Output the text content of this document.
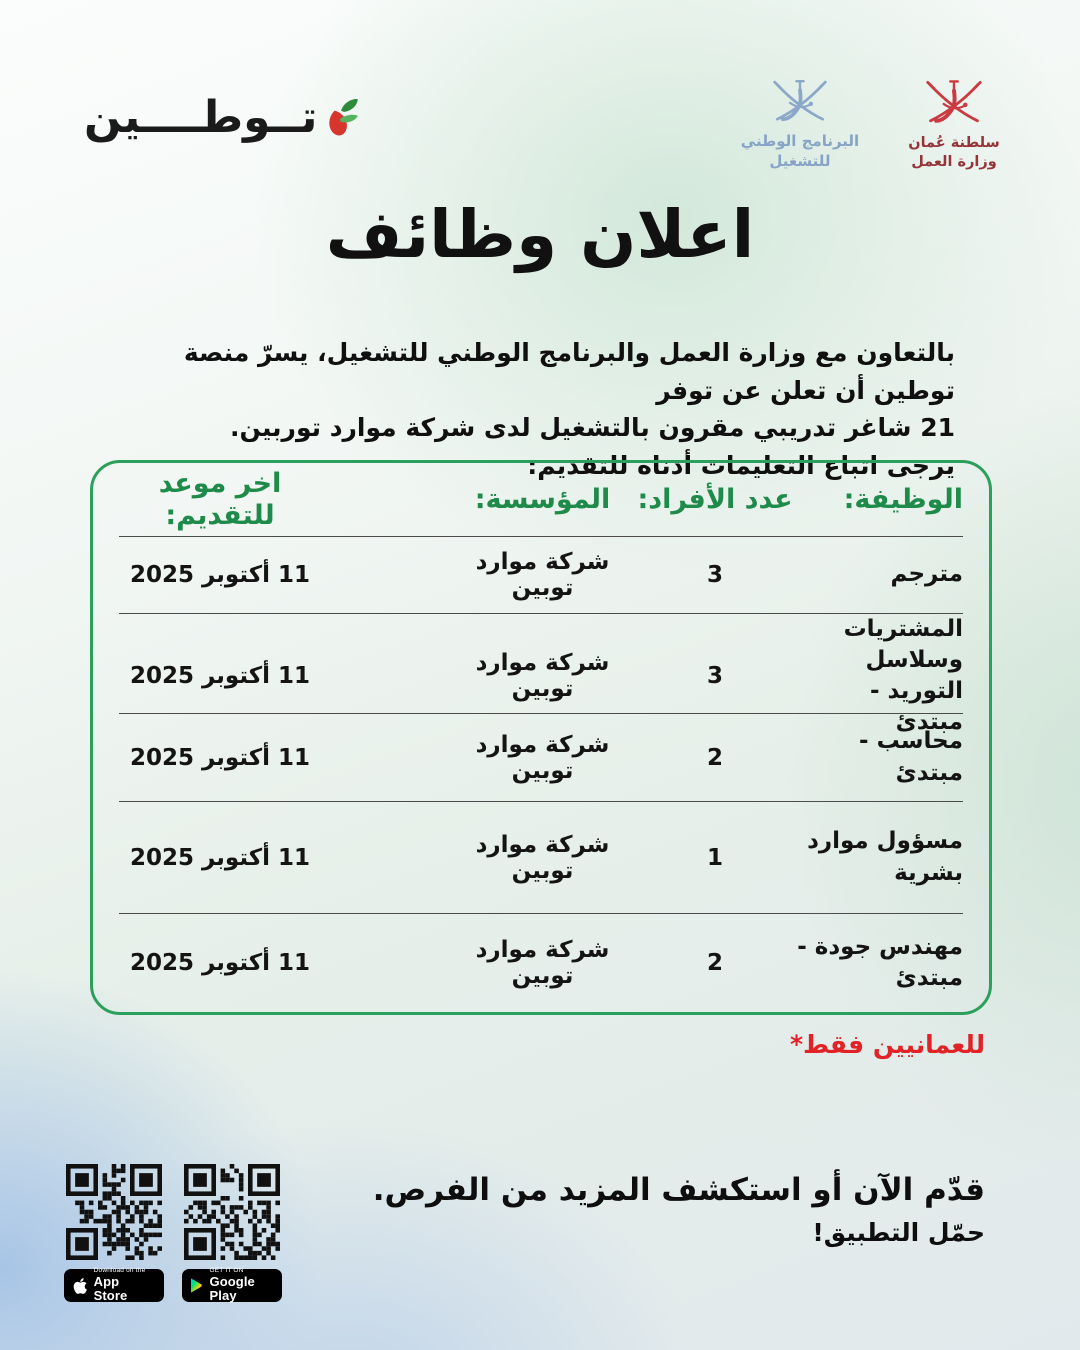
تــوطــــين	البرنامج الوطني
للتشغيل
سلطنة عُمان
وزارة العمل
اعلان وظائف
بالتعاون مع وزارة العمل والبرنامج الوطني للتشغيل، يسرّ منصة توطين أن تعلن عن توفر
21 شاغر تدريبي مقرون بالتشغيل لدى شركة موارد توربين.
يرجى اتباع التعليمات أدناه للتقديم:
الوظيفة:
عدد الأفراد:
المؤسسة:
اخر موعد للتقديم:
مترجم
3
شركة موارد توبين
11 أكتوبر 2025
المشتريات وسلاسل التوريد - مبتدئ
3
شركة موارد توبين
11 أكتوبر 2025
محاسب - مبتدئ
2
شركة موارد توبين
11 أكتوبر 2025
مسؤول موارد بشرية
1
شركة موارد توبين
11 أكتوبر 2025
مهندس جودة - مبتدئ
2
شركة موارد توبين
11 أكتوبر 2025
للعمانيين فقط*
قدّم الآن أو استكشف المزيد من الفرص.
حمّل التطبيق!
Download on the
App Store
GET IT ON
Google Play
